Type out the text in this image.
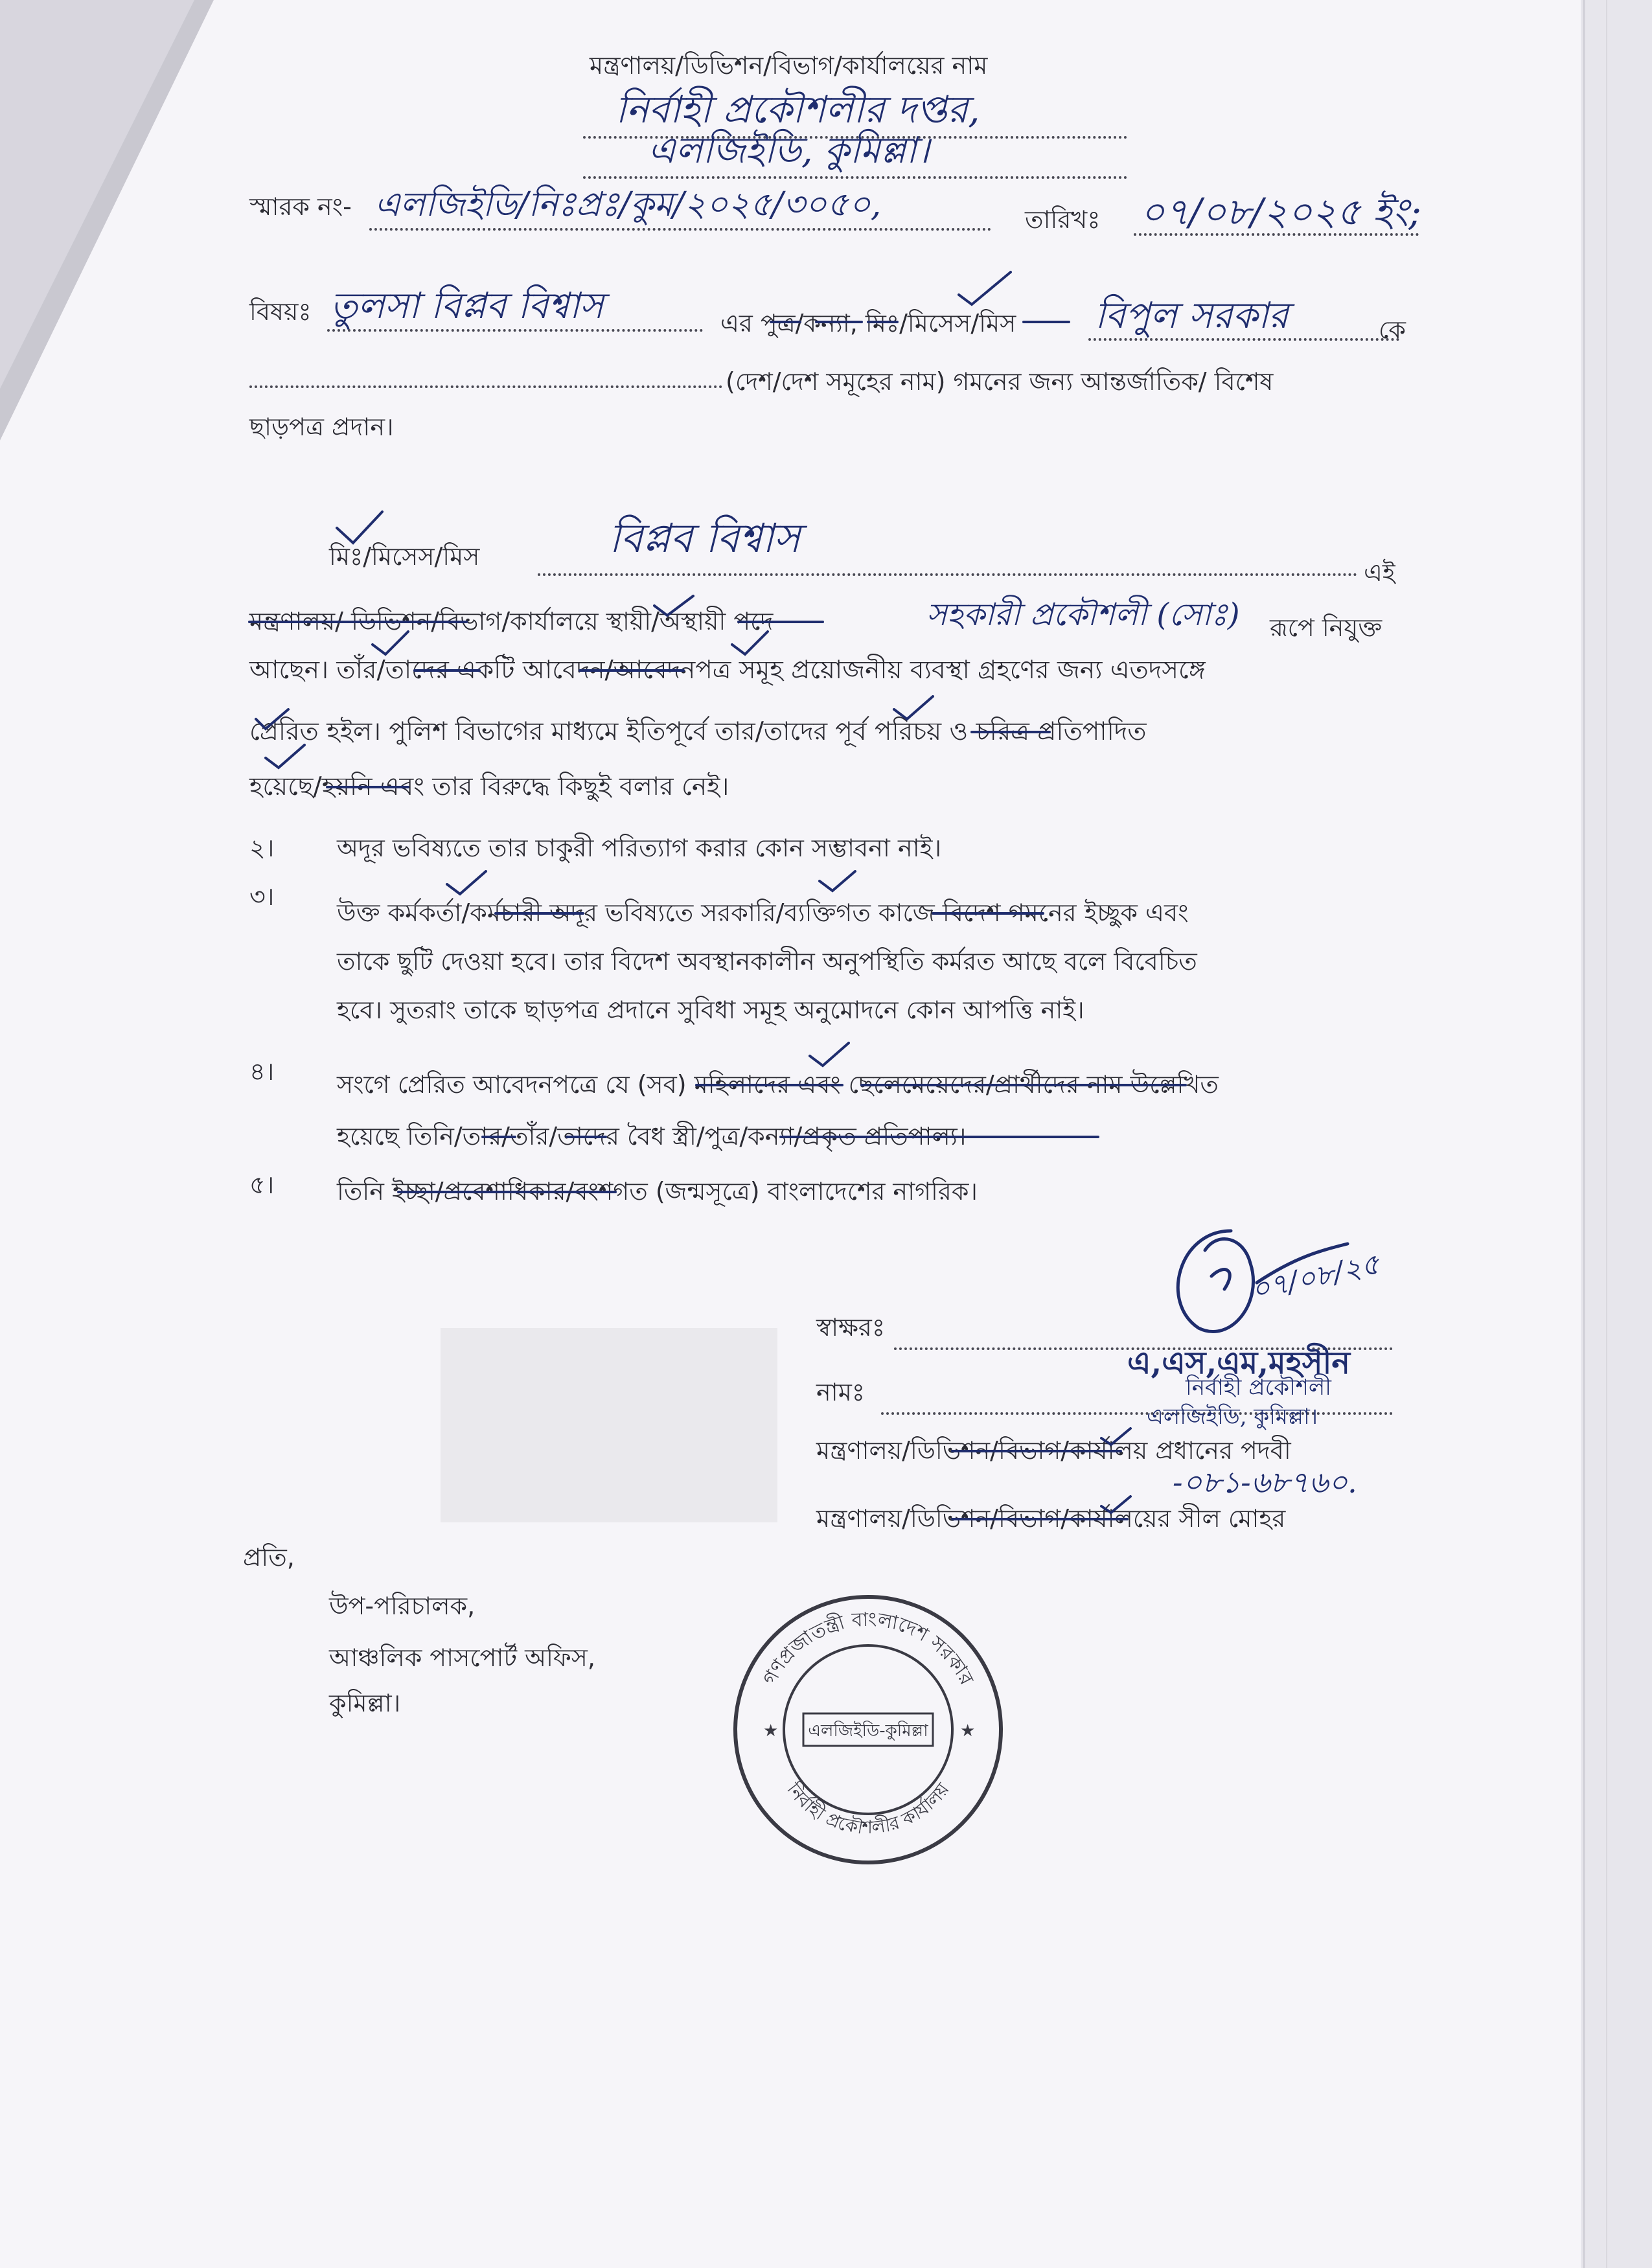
মন্ত্রণালয়/ডিভিশন/বিভাগ/কার্যালয়ের নাম
নির্বাহী প্রকৌশলীর দপ্তর,
এলজিইডি, কুমিল্লা।
স্মারক নং- এলজিইডি/নিঃপ্রঃ/কুম/২০২৫/৩০৫০,	তারিখঃ ০৭/০৮/২০২৫ ইং;
বিষয়ঃ তুলসা বিপ্লব বিশ্বাস	এর পুত্র/কন্যা, মিঃ/মিসেস/মিস বিপুল সরকার	কে
(দেশ/দেশ সমূহের নাম) গমনের জন্য আন্তর্জাতিক/ বিশেষ
ছাড়পত্র প্রদান।
মিঃ/মিসেস/মিস	বিপ্লব বিশ্বাস
এই
মন্ত্রণালয়/ ডিভিশন/বিভাগ/কার্যালয়ে স্থায়ী/অস্থায়ী পদে	সহকারী প্রকৌশলী (সোঃ) রূপে নিযুক্ত
আছেন। তাঁর/তাদের একটি আবেদন/আবেদনপত্র সমূহ প্রয়োজনীয় ব্যবস্থা গ্রহণের জন্য এতদসঙ্গে
প্রেরিত হইল। পুলিশ বিভাগের মাধ্যমে ইতিপূর্বে তার/তাদের পূর্ব পরিচয় ও চরিত্র প্রতিপাদিত
হয়েছে/হয়নি এবং তার বিরুদ্ধে কিছুই বলার নেই।
২।	অদূর ভবিষ্যতে তার চাকুরী পরিত্যাগ করার কোন সম্ভাবনা নাই।
৩।
উক্ত কর্মকর্তা/কর্মচারী অদূর ভবিষ্যতে সরকারি/ব্যক্তিগত কাজে বিদেশ গমনের ইচ্ছুক এবং
তাকে ছুটি দেওয়া হবে। তার বিদেশ অবস্থানকালীন অনুপস্থিতি কর্মরত আছে বলে বিবেচিত
হবে। সুতরাং তাকে ছাড়পত্র প্রদানে সুবিধা সমূহ অনুমোদনে কোন আপত্তি নাই।
৪।	সংগে প্রেরিত আবেদনপত্রে যে (সব) মহিলাদের এবং ছেলেমেয়েদের/প্রার্থীদের নাম উল্লেখিত
হয়েছে তিনি/তার/তাঁর/তাদের বৈধ স্ত্রী/পুত্র/কন্যা/প্রকৃত প্রতিপাল্য।
৫।	তিনি ইচ্ছা/প্রবেশাধিকার/বংশগত (জন্মসূত্রে) বাংলাদেশের নাগরিক।
স্বাক্ষরঃ
০৭/০৮/২৫
নামঃ
এ,এস,এম,মহসীন
নির্বাহী প্রকৌশলী
এলজিইডি, কুমিল্লা।
মন্ত্রণালয়/ডিভিশন/বিভাগ/কার্যালয় প্রধানের পদবী
-০৮১-৬৮৭৬০.
মন্ত্রণালয়/ডিভিশন/বিভাগ/কার্যালয়ের সীল মোহর
প্রতি,
উপ-পরিচালক,
আঞ্চলিক পাসপোর্ট অফিস,
কুমিল্লা।
গণপ্রজাতন্ত্রী বাংলাদেশ সরকার
এলজিইডি-কুমিল্লা
নির্বাহী প্রকৌশলীর কার্যালয়
★	★
